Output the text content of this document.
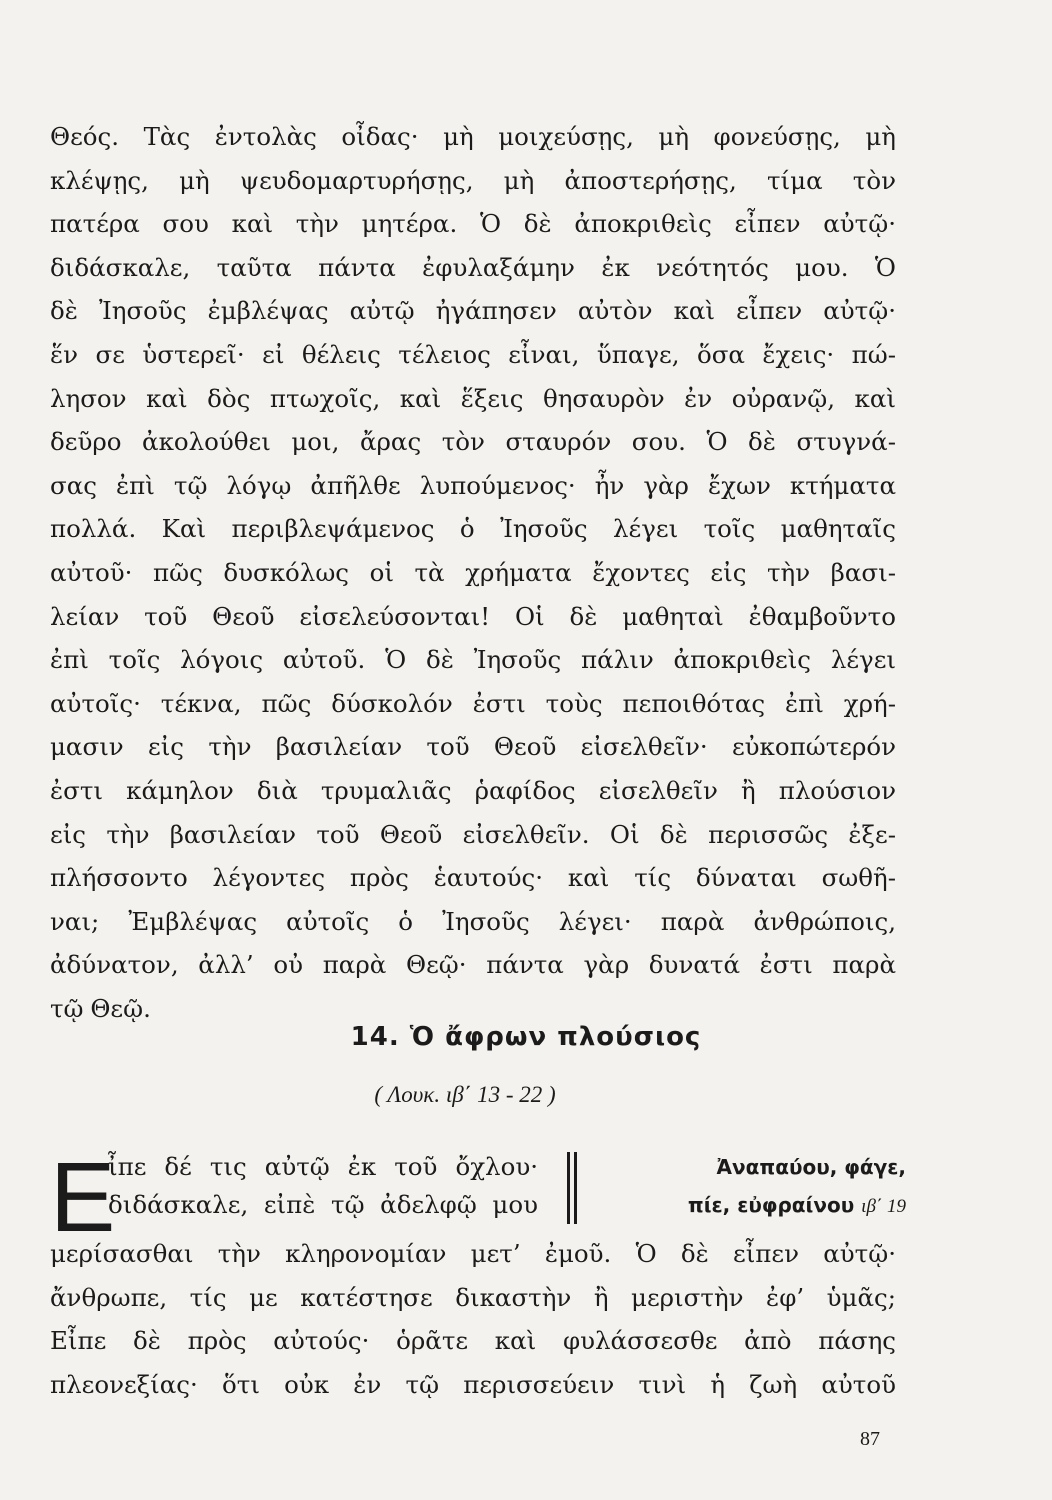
Θεός. Τὰς ἐντολὰς οἶδας· μὴ μοιχεύσῃς, μὴ φονεύσῃς, μὴ
κλέψῃς, μὴ ψευδομαρτυρήσῃς, μὴ ἀποστερήσῃς, τίμα τὸν
πατέρα σου καὶ τὴν μητέρα. Ὁ δὲ ἀποκριθεὶς εἶπεν αὐτῷ·
διδάσκαλε, ταῦτα πάντα ἐφυλαξάμην ἐκ νεότητός μου. Ὁ
δὲ Ἰησοῦς ἐμβλέψας αὐτῷ ἠγάπησεν αὐτὸν καὶ εἶπεν αὐτῷ·
ἕν σε ὑστερεῖ· εἰ θέλεις τέλειος εἶναι, ὕπαγε, ὅσα ἔχεις· πώ-
λησον καὶ δὸς πτωχοῖς, καὶ ἕξεις θησαυρὸν ἐν οὐρανῷ, καὶ
δεῦρο ἀκολούθει μοι, ἄρας τὸν σταυρόν σου. Ὁ δὲ στυγνά-
σας ἐπὶ τῷ λόγῳ ἀπῆλθε λυπούμενος· ἦν γὰρ ἔχων κτήματα
πολλά. Καὶ περιβλεψάμενος ὁ Ἰησοῦς λέγει τοῖς μαθηταῖς
αὐτοῦ· πῶς δυσκόλως οἱ τὰ χρήματα ἔχοντες εἰς τὴν βασι-
λείαν τοῦ Θεοῦ εἰσελεύσονται! Οἱ δὲ μαθηταὶ ἐθαμβοῦντο
ἐπὶ τοῖς λόγοις αὐτοῦ. Ὁ δὲ Ἰησοῦς πάλιν ἀποκριθεὶς λέγει
αὐτοῖς· τέκνα, πῶς δύσκολόν ἐστι τοὺς πεποιθότας ἐπὶ χρή-
μασιν εἰς τὴν βασιλείαν τοῦ Θεοῦ εἰσελθεῖν· εὐκοπώτερόν
ἐστι κάμηλον διὰ τρυμαλιᾶς ῥαφίδος εἰσελθεῖν ἢ πλούσιον
εἰς τὴν βασιλείαν τοῦ Θεοῦ εἰσελθεῖν. Οἱ δὲ περισσῶς ἐξε-
πλήσσοντο λέγοντες πρὸς ἑαυτούς· καὶ τίς δύναται σωθῆ-
ναι; Ἐμβλέψας αὐτοῖς ὁ Ἰησοῦς λέγει· παρὰ ἀνθρώποις,
ἀδύνατον, ἀλλ’ οὐ παρὰ Θεῷ· πάντα γὰρ δυνατά ἐστι παρὰ
τῷ Θεῷ.
14. Ὁ ἄφρων πλούσιος
( Λουκ. ιβ΄ 13 - 22 )
Ε
ἶπε δέ τις αὐτῷ ἐκ τοῦ ὄχλου·
διδάσκαλε, εἰπὲ τῷ ἀδελφῷ μου
Ἀναπαύου, φάγε,
πίε, εὐφραίνου ιβ΄ 19
μερίσασθαι τὴν κληρονομίαν μετ’ ἐμοῦ. Ὁ δὲ εἶπεν αὐτῷ·
ἄνθρωπε, τίς με κατέστησε δικαστὴν ἢ μεριστὴν ἐφ’ ὑμᾶς;
Εἶπε δὲ πρὸς αὐτούς· ὁρᾶτε καὶ φυλάσσεσθε ἀπὸ πάσης
πλεονεξίας· ὅτι οὐκ ἐν τῷ περισσεύειν τινὶ ἡ ζωὴ αὐτοῦ
87
